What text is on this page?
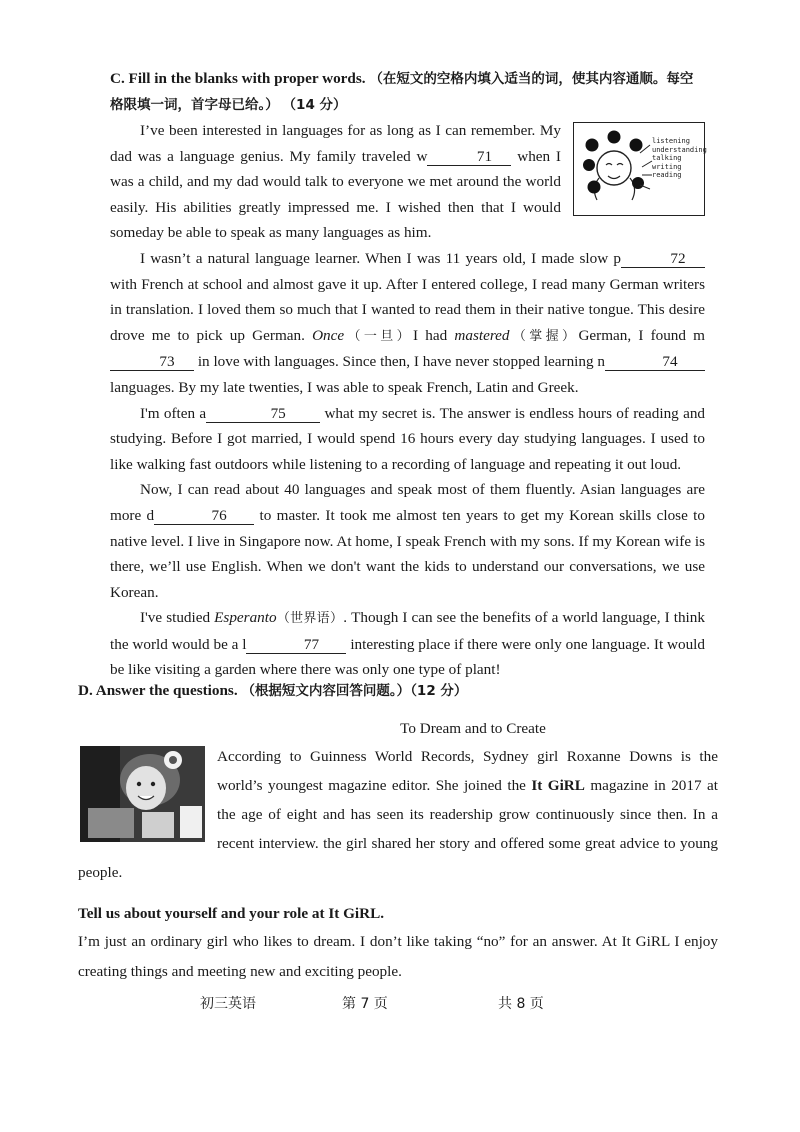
C. Fill in the blanks with proper words. （在短文的空格内填入适当的词，使其内容通顺。每空格限填一词，首字母已给。） （14 分）

listening
understanding
talking
writing
reading

I’ve been interested in languages for as long as I can remember. My dad was a language genius. My family traveled w	71 when I was a child, and my dad would talk to everyone we met around the world easily. His abilities greatly impressed me. I wished then that I would someday be able to speak as many languages as him.

I wasn’t a natural language learner. When I was 11 years old, I made slow p	72 with French at school and almost gave it up. After I entered college, I read many German writers in translation. I loved them so much that I wanted to read them in their native tongue. This desire drove me to pick up German. Once（一旦）I had mastered（掌握）German, I found m73 in love with languages. Since then, I have never stopped learning n	74 languages. By my late twenties, I was able to speak French, Latin and Greek.

I'm often a	75 what my secret is. The answer is endless hours of reading and studying. Before I got married, I would spend 16 hours every day studying languages. I used to like walking fast outdoors while listening to a recording of language and repeating it out loud.

Now, I can read about 40 languages and speak most of them fluently. Asian languages are more d	76 to master. It took me almost ten years to get my Korean skills close to native level. I live in Singapore now. At home, I speak French with my sons. If my Korean wife is there, we’ll use English. When we don't want the kids to understand our conversations, we use Korean.

I've studied Esperanto（世界语）. Though I can see the benefits of a world language, I think the world would be a l	77 interesting place if there were only one language. It would be like visiting a garden where there was only one type of plant!

D. Answer the questions. （根据短文内容回答问题。）（12 分）

To Dream and to Create

According to Guinness World Records, Sydney girl Roxanne Downs is the world’s youngest magazine editor. She joined the It GiRL magazine in 2017 at the age of eight and has seen its readership grow continuously since then. In a recent interview. the girl shared her story and offered some great advice to young people.

Tell us about yourself and your role at It GiRL.

I’m just an ordinary girl who likes to dream. I don’t like taking “no” for an answer. At It GiRL I enjoy creating things and meeting new and exciting people.

初三英语	第 7 页	共 8 页
